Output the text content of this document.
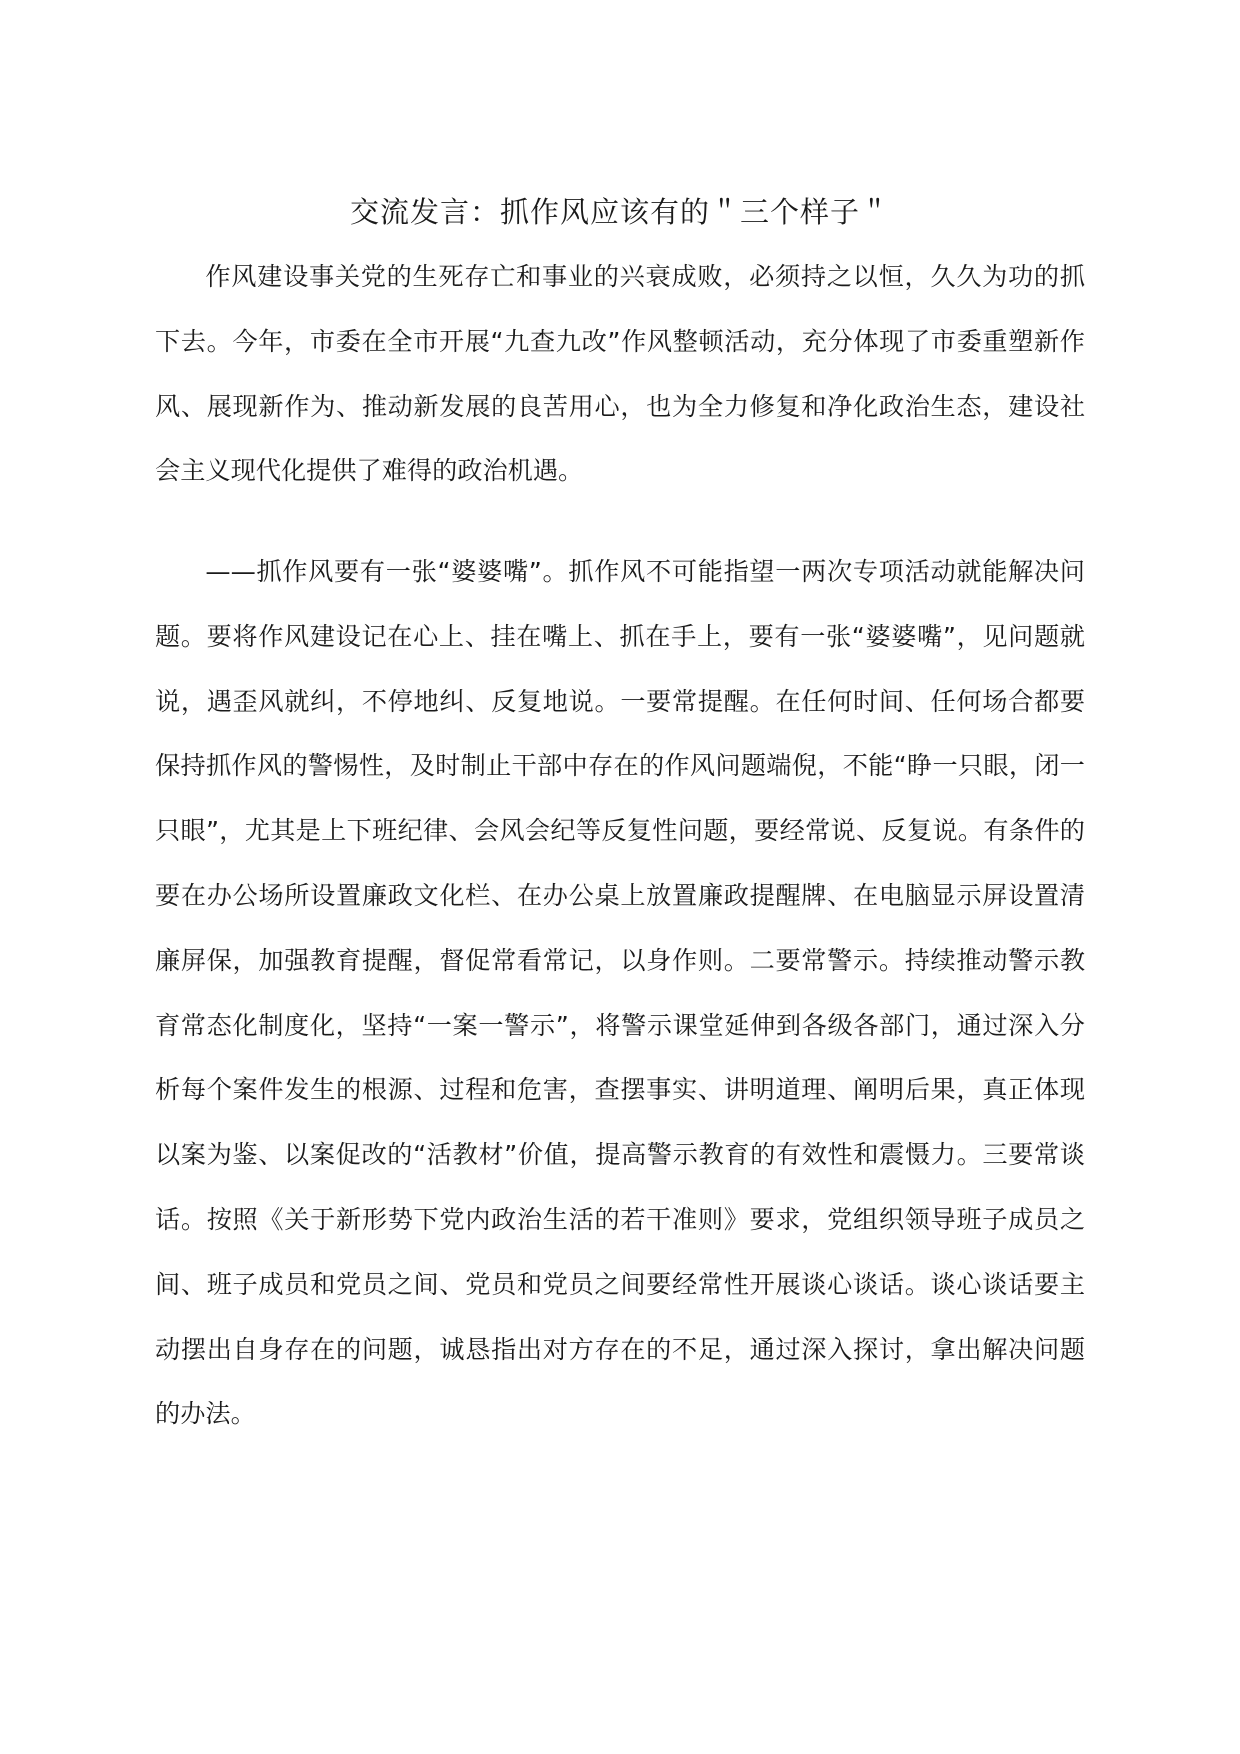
交流发言：抓作风应该有的＂三个样子＂

作风建设事关党的生死存亡和事业的兴衰成败，必须持之以恒，久久为功的抓下去。今年，市委在全市开展“九查九改”作风整顿活动，充分体现了市委重塑新作风、展现新作为、推动新发展的良苦用心，也为全力修复和净化政治生态，建设社会主义现代化提供了难得的政治机遇。

——抓作风要有一张“婆婆嘴”。抓作风不可能指望一两次专项活动就能解决问题。要将作风建设记在心上、挂在嘴上、抓在手上，要有一张“婆婆嘴”，见问题就说，遇歪风就纠，不停地纠、反复地说。一要常提醒。在任何时间、任何场合都要保持抓作风的警惕性，及时制止干部中存在的作风问题端倪，不能“睁一只眼，闭一只眼”，尤其是上下班纪律、会风会纪等反复性问题，要经常说、反复说。有条件的要在办公场所设置廉政文化栏、在办公桌上放置廉政提醒牌、在电脑显示屏设置清廉屏保，加强教育提醒，督促常看常记，以身作则。二要常警示。持续推动警示教育常态化制度化，坚持“一案一警示”，将警示课堂延伸到各级各部门，通过深入分析每个案件发生的根源、过程和危害，查摆事实、讲明道理、阐明后果，真正体现以案为鉴、以案促改的“活教材”价值，提高警示教育的有效性和震慑力。三要常谈话。按照《关于新形势下党内政治生活的若干准则》要求，党组织领导班子成员之间、班子成员和党员之间、党员和党员之间要经常性开展谈心谈话。谈心谈话要主动摆出自身存在的问题，诚恳指出对方存在的不足，通过深入探讨，拿出解决问题的办法。
